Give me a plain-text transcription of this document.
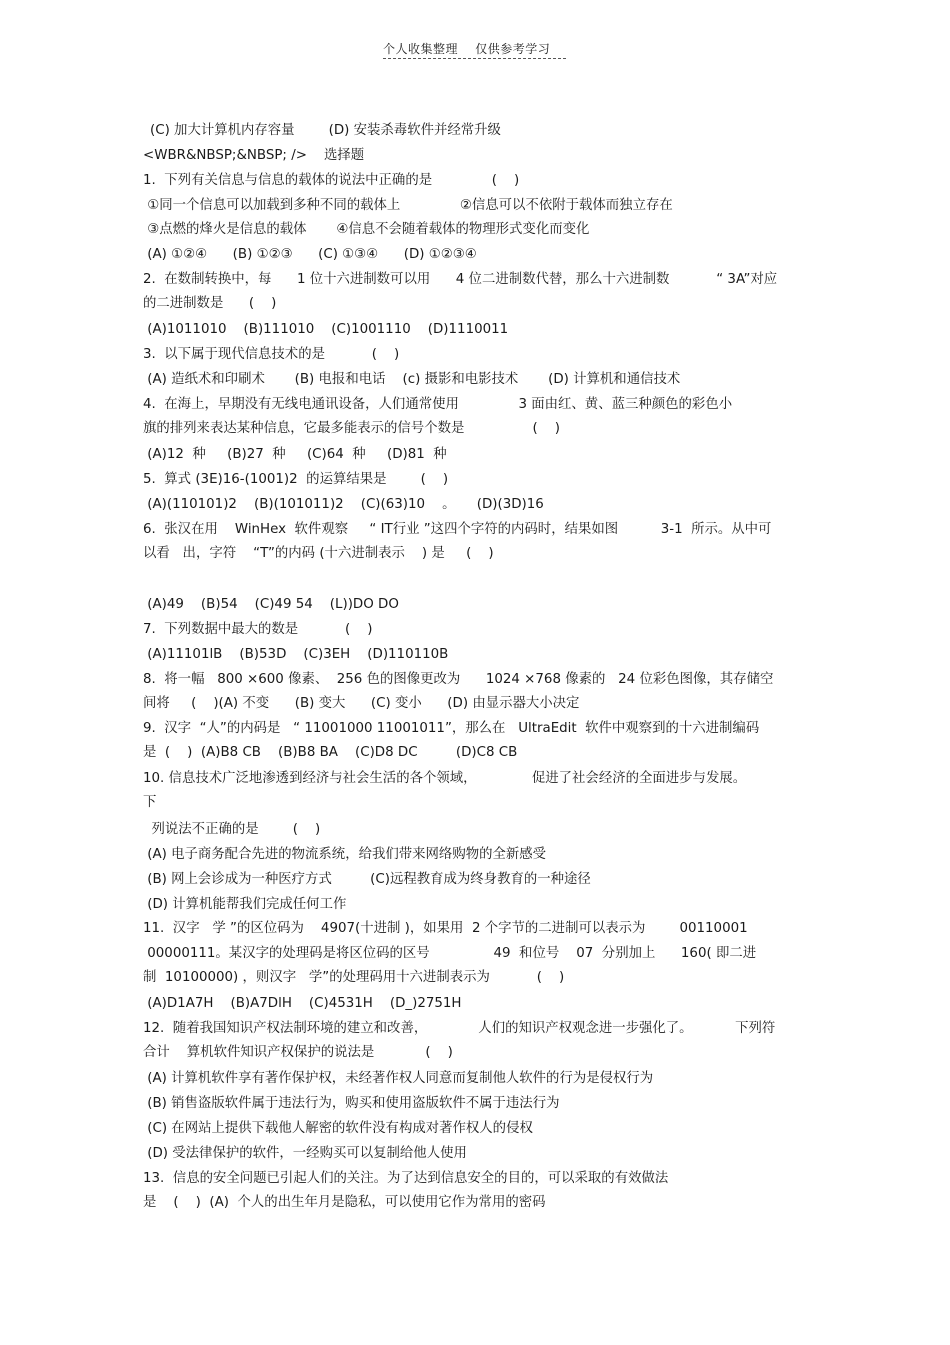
个人收集整理    仅供参考学习
(C) 加大计算机内存容量        (D) 安装杀毒软件并经常升级
<WBR&NBSP;&NBSP; />    选择题
1.  下列有关信息与信息的载体的说法中正确的是              (    )
①同一个信息可以加载到多种不同的载体上              ②信息可以不依附于载体而独立存在
③点燃的烽火是信息的载体       ④信息不会随着载体的物理形式变化而变化
(A) ①②④      (B) ①②③      (C) ①③④      (D) ①②③④
2.  在数制转换中，每      1 位十六进制数可以用      4 位二进制数代替，那么十六进制数           “ 3A”对应
的二进制数是      (    )
(A)1011010    (B)111010    (C)1001110    (D)1110011
3.  以下属于现代信息技术的是           (    )
(A) 造纸术和印刷术       (B) 电报和电话    (c) 摄影和电影技术       (D) 计算机和通信技术
4.  在海上，早期没有无线电通讯设备，人们通常使用              3 面由红、黄、蓝三种颜色的彩色小
旗的排列来表达某种信息，它最多能表示的信号个数是                (    )
(A)12  种     (B)27  种     (C)64  种     (D)81  种
5.  算式 (3E)16-(1001)2  的运算结果是        (    )
(A)(110101)2    (B)(101011)2    (C)(63)10    。     (D)(3D)16
6.  张汉在用    WinHex  软件观察     “ IT行业 ”这四个字符的内码时，结果如图          3-1  所示。从中可
以看   出，字符    “T”的内码 (十六进制表示    ) 是     (    )
(A)49    (B)54    (C)49 54    (L))DO DO
7.  下列数据中最大的数是           (    )
(A)11101lB    (B)53D    (C)3EH    (D)110110B
8.  将一幅   800 ×600 像素、  256 色的图像更改为      1024 ×768 像素的   24 位彩色图像，其存储空
间将     (    )(A) 不变      (B) 变大      (C) 变小      (D) 由显示器大小决定
9.  汉字  “人”的内码是   “ 11001000 11001011”，那么在   UltraEdit  软件中观察到的十六进制编码
是  (    )  (A)B8 CB    (B)B8 BA    (C)D8 DC         (D)C8 CB
10. 信息技术广泛地渗透到经济与社会生活的各个领域，             促进了社会经济的全面进步与发展。
下
列说法不正确的是        (    )
(A) 电子商务配合先进的物流系统，给我们带来网络购物的全新感受
(B) 网上会诊成为一种医疗方式         (C)远程教育成为终身教育的一种途径
(D) 计算机能帮我们完成任何工作
11.  汉字   学 ”的区位码为    4907(十进制 )，如果用  2 个字节的二进制可以表示为        00110001
00000111。某汉字的处理码是将区位码的区号               49  和位号    07  分别加上      160( 即二进
制  10100000) ，则汉字   学”的处理码用十六进制表示为           (    )
(A)D1A7H    (B)A7DlH    (C)4531H    (D_)2751H
12.  随着我国知识产权法制环境的建立和改善，            人们的知识产权观念进一步强化了。          下列符
合计    算机软件知识产权保护的说法是            (    )
(A) 计算机软件享有著作保护权，未经著作权人同意而复制他人软件的行为是侵权行为
(B) 销售盗版软件属于违法行为，购买和使用盗版软件不属于违法行为
(C) 在网站上提供下载他人解密的软件没有构成对著作权人的侵权
(D) 受法律保护的软件，一经购买可以复制给他人使用
13.  信息的安全问题已引起人们的关注。为了达到信息安全的目的，可以采取的有效做法
是    (    )  (A)  个人的出生年月是隐私，可以使用它作为常用的密码
